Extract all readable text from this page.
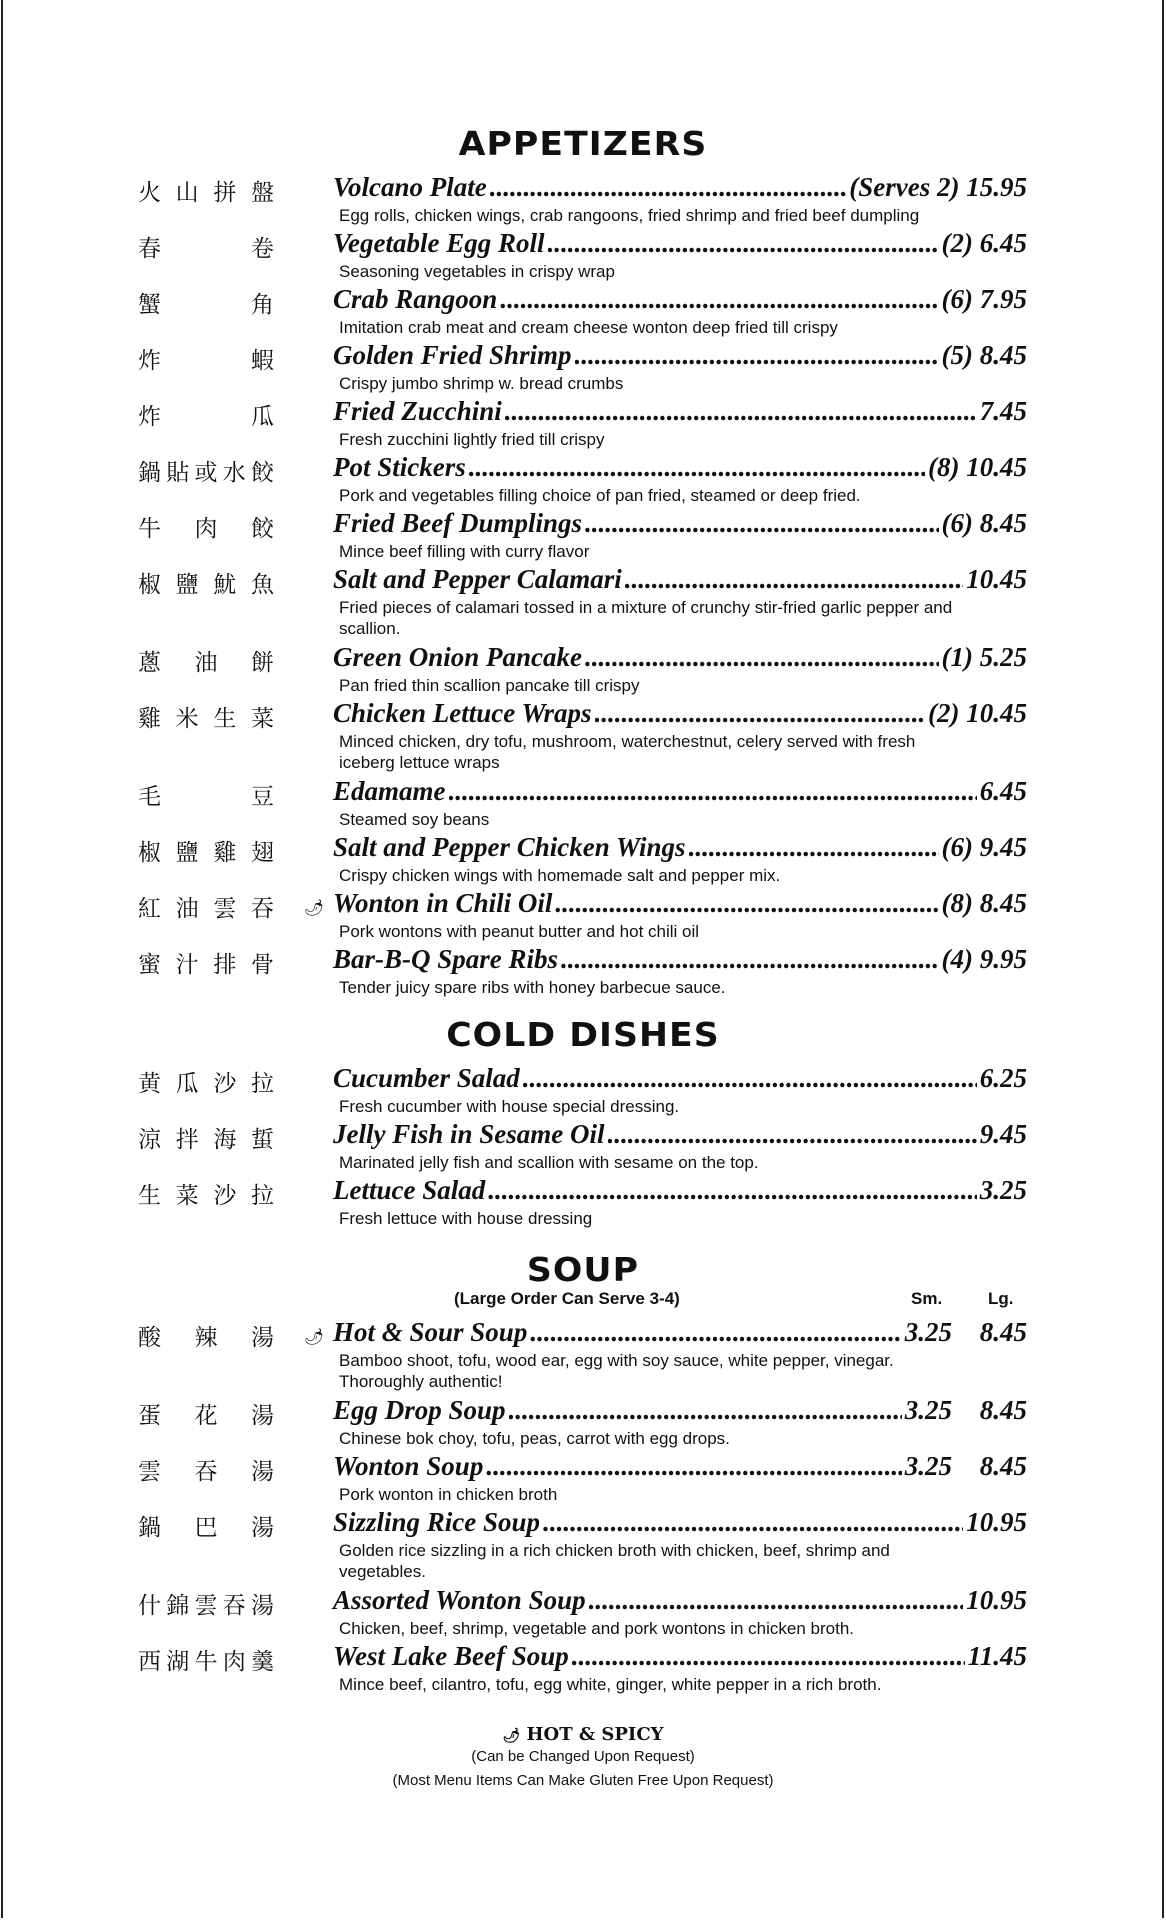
APPETIZERS
火 山 拼 盤 Volcano Plate .....	(Serves 2) 15.95
Egg rolls, chicken wings, crab rangoons, fried shrimp and fried beef dumpling
春	卷 Vegetable Egg Roll .....	(2) 6.45
Seasoning vegetables in crispy wrap
蟹	角 Crab Rangoon .....	(6) 7.95
Imitation crab meat and cream cheese wonton deep fried till crispy
炸	蝦 Golden Fried Shrimp .....	(5) 8.45
Crispy jumbo shrimp w. bread crumbs
炸	瓜 Fried Zucchini .....	7.45
Fresh zucchini lightly fried till crispy
鍋 貼 或 水 餃 Pot Stickers .....	(8) 10.45
Pork and vegetables filling choice of pan fried, steamed or deep fried.
牛 肉 餃 Fried Beef Dumplings .....	(6) 8.45
Mince beef filling with curry flavor
椒 鹽 魷 魚 Salt and Pepper Calamari .....	10.45
Fried pieces of calamari tossed in a mixture of crunchy stir-fried garlic pepper and scallion.
蔥 油 餅 Green Onion Pancake .....	(1) 5.25
Pan fried thin scallion pancake till crispy
雞 米 生 菜 Chicken Lettuce Wraps .....	(2) 10.45
Minced chicken, dry tofu, mushroom, waterchestnut, celery served with fresh iceberg lettuce wraps
毛	豆 Edamame .....	6.45
Steamed soy beans
椒 鹽 雞 翅 Salt and Pepper Chicken Wings .....	(6) 9.45
Crispy chicken wings with homemade salt and pepper mix.
紅 油 雲 吞 🌶 Wonton in Chili Oil .....	(8) 8.45
Pork wontons with peanut butter and hot chili oil
蜜 汁 排 骨 Bar-B-Q Spare Ribs .....	(4) 9.95
Tender juicy spare ribs with honey barbecue sauce.
COLD DISHES
黄 瓜 沙 拉 Cucumber Salad .....	6.25
Fresh cucumber with house special dressing.
涼 拌 海 蜇 Jelly Fish in Sesame Oil .....	9.45
Marinated jelly fish and scallion with sesame on the top.
生 菜 沙 拉 Lettuce Salad .....	3.25
Fresh lettuce with house dressing
SOUP
(Large Order Can Serve 3-4)	Sm.	Lg.
酸 辣 湯 🌶 Hot & Sour Soup .....	3.25	8.45
Bamboo shoot, tofu, wood ear, egg with soy sauce, white pepper, vinegar. Thoroughly authentic!
蛋 花 湯 Egg Drop Soup .....	3.25	8.45
Chinese bok choy, tofu, peas, carrot with egg drops.
雲 吞 湯 Wonton Soup .....	3.25	8.45
Pork wonton in chicken broth
鍋 巴 湯 Sizzling Rice Soup .....	10.95
Golden rice sizzling in a rich chicken broth with chicken, beef, shrimp and vegetables.
什 錦 雲 吞 湯 Assorted Wonton Soup .....	10.95
Chicken, beef, shrimp, vegetable and pork wontons in chicken broth.
西 湖 牛 肉 羹 West Lake Beef Soup .....	11.45
Mince beef, cilantro, tofu, egg white, ginger, white pepper in a rich broth.
🌶 HOT & SPICY
(Can be Changed Upon Request)
(Most Menu Items Can Make Gluten Free Upon Request)
